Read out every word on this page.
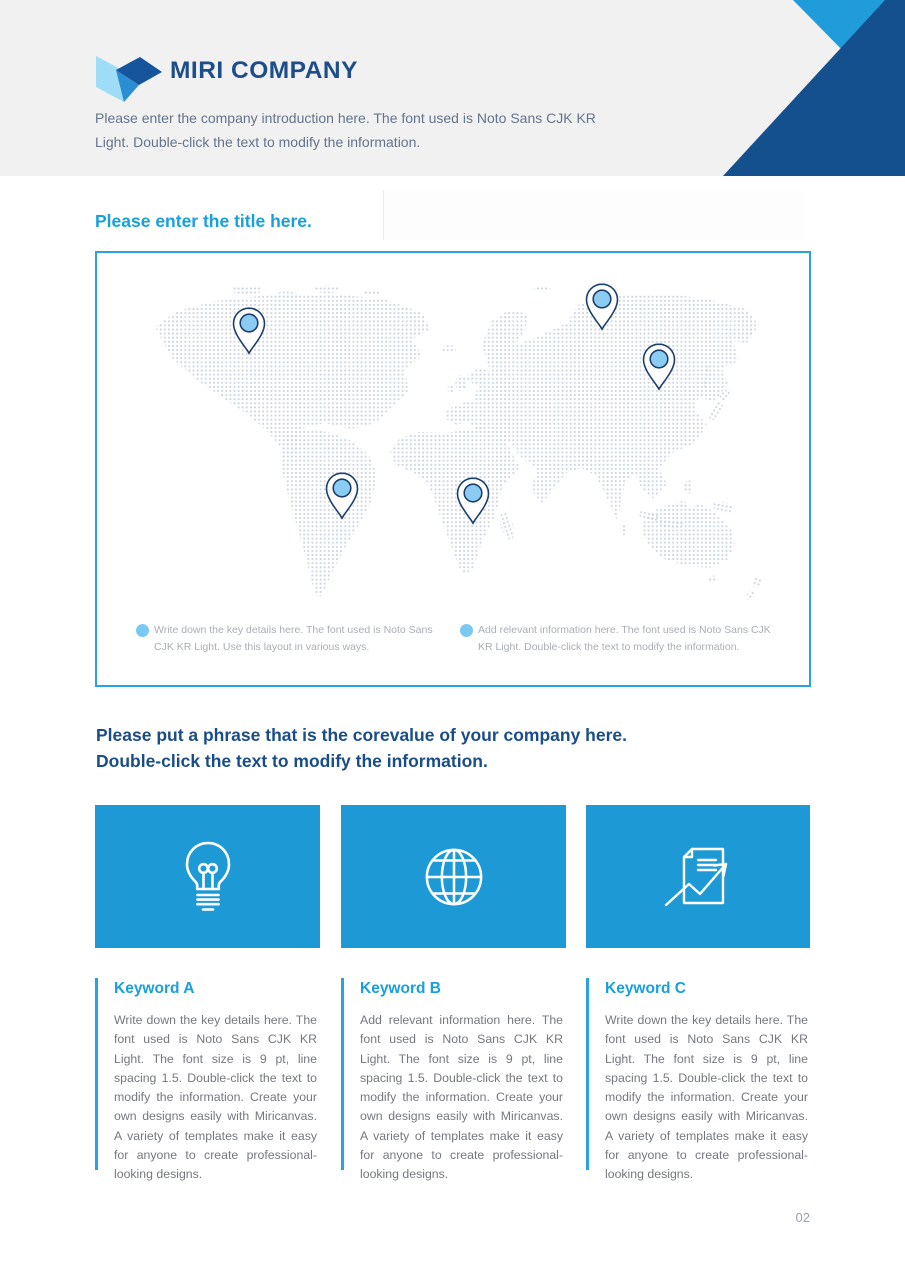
MIRI COMPANY
Please enter the company introduction here. The font used is Noto Sans CJK KR Light. Double-click the text to modify the information.
Please enter the title here.
Write down the key details here. The font used is Noto Sans CJK KR Light. Use this layout in various ways.
Add relevant information here. The font used is Noto Sans CJK KR Light. Double-click the text to modify the information.
Please put a phrase that is the corevalue of your company here.
Double-click the text to modify the information.
Keyword A

Write down the key details here. The font used is Noto Sans CJK KR Light. The font size is 9 pt, line spacing 1.5. Double-click the text to modify the information. Create your own designs easily with Miricanvas. A variety of templates make it easy for anyone to create professional-looking designs.

Keyword B

Add relevant information here. The font used is Noto Sans CJK KR Light. The font size is 9 pt, line spacing 1.5. Double-click the text to modify the information. Create your own designs easily with Miricanvas. A variety of templates make it easy for anyone to create professional-looking designs.

Keyword C

Write down the key details here. The font used is Noto Sans CJK KR Light. The font size is 9 pt, line spacing 1.5. Double-click the text to modify the information. Create your own designs easily with Miricanvas. A variety of templates make it easy for anyone to create professional-looking designs.

02
